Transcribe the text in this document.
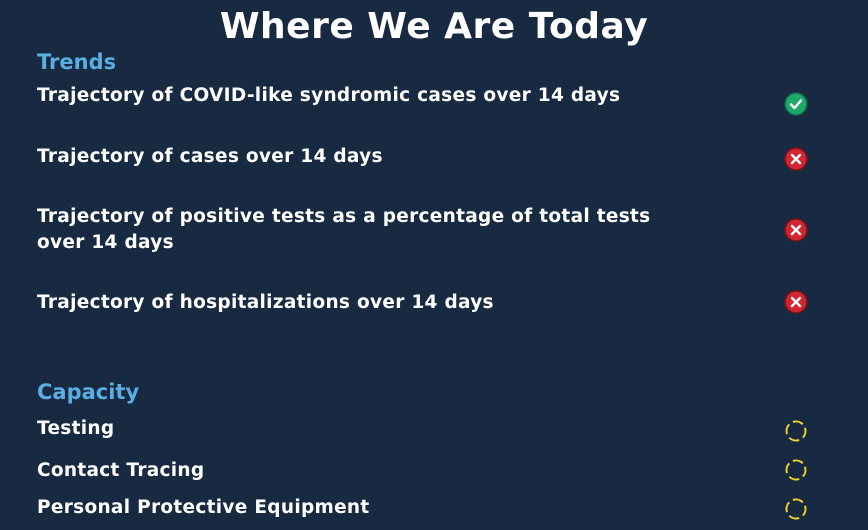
Where We Are Today
Trends
Trajectory of COVID-like syndromic cases over 14 days
Trajectory of cases over 14 days
Trajectory of positive tests as a percentage of total tests
over 14 days
Trajectory of hospitalizations over 14 days
Capacity
Testing
Contact Tracing
Personal Protective Equipment
